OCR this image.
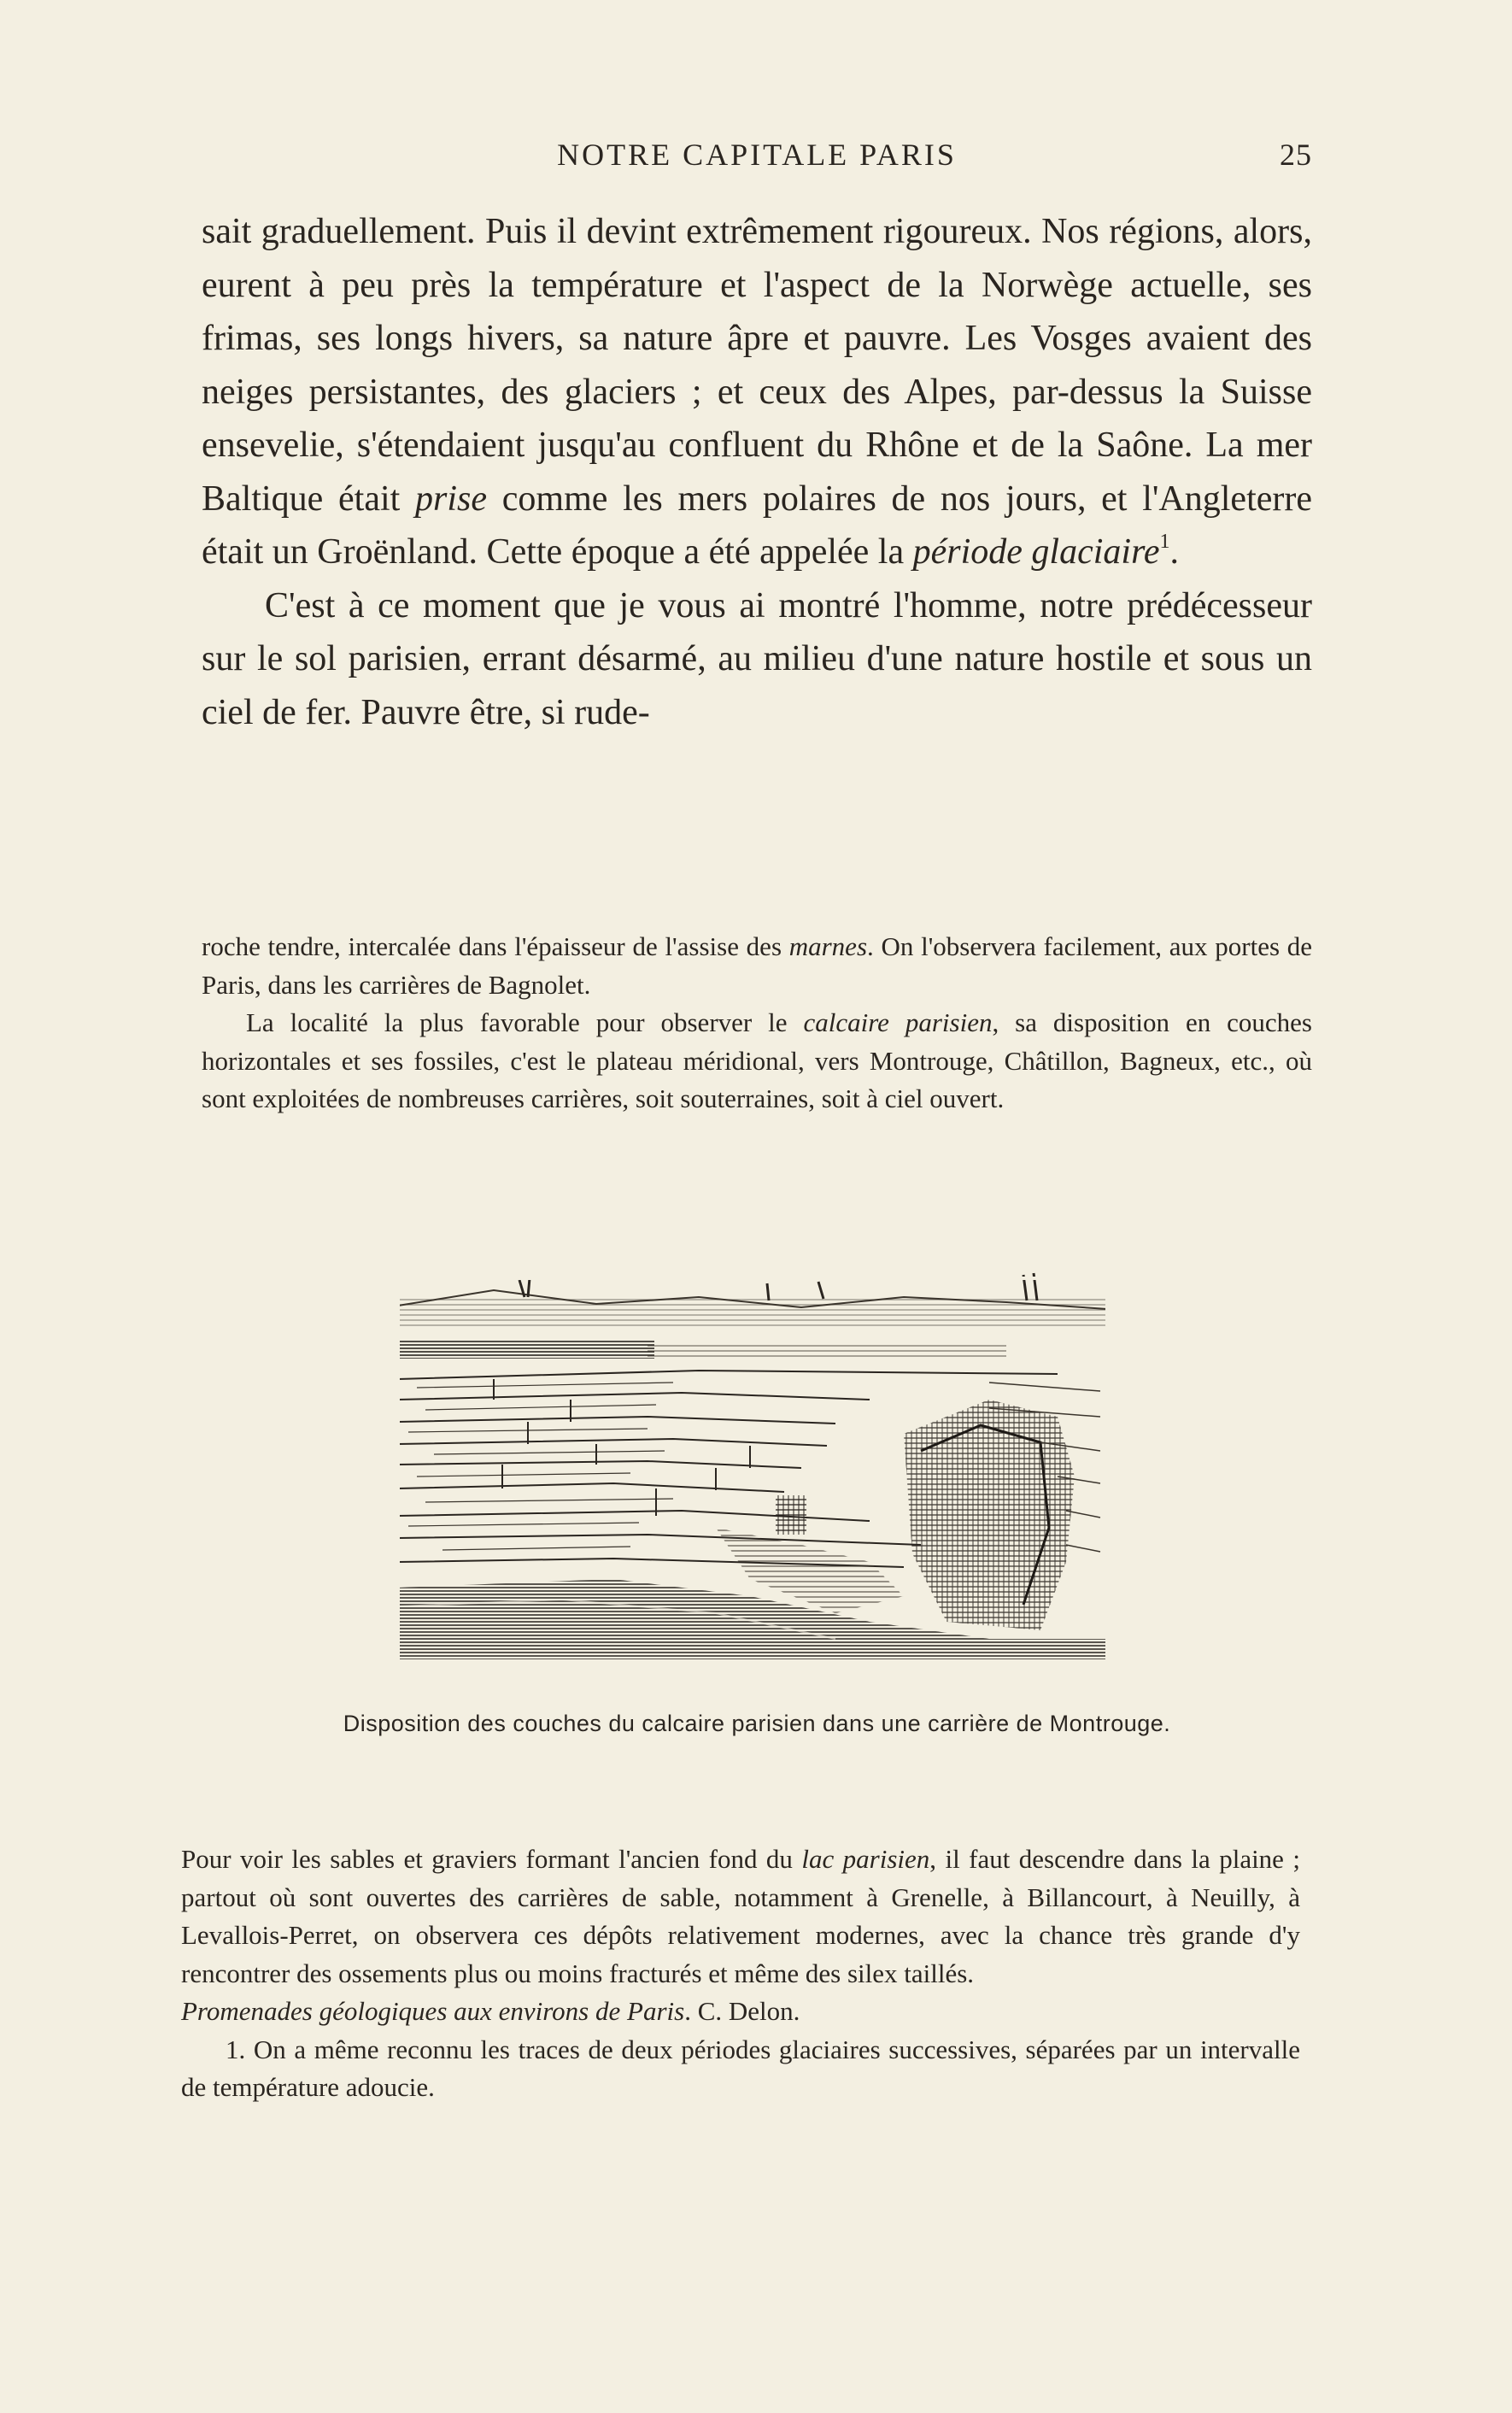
NOTRE CAPITALE PARIS	25

sait graduellement. Puis il devint extrêmement rigoureux. Nos régions, alors, eurent à peu près la température et l'aspect de la Norwège actuelle, ses frimas, ses longs hivers, sa nature âpre et pauvre. Les Vosges avaient des neiges persistantes, des glaciers ; et ceux des Alpes, par-dessus la Suisse ensevelie, s'étendaient jusqu'au confluent du Rhône et de la Saône. La mer Baltique était prise comme les mers polaires de nos jours, et l'Angleterre était un Groënland. Cette époque a été appelée la période glaciaire$^1$.

C'est à ce moment que je vous ai montré l'homme, notre prédécesseur sur le sol parisien, errant désarmé, au milieu d'une nature hostile et sous un ciel de fer. Pauvre être, si rude-

roche tendre, intercalée dans l'épaisseur de l'assise des marnes. On l'observera facilement, aux portes de Paris, dans les carrières de Bagnolet.

La localité la plus favorable pour observer le calcaire parisien, sa disposition en couches horizontales et ses fossiles, c'est le plateau méridional, vers Montrouge, Châtillon, Bagneux, etc., où sont exploitées de nombreuses carrières, soit souterraines, soit à ciel ouvert.

Disposition des couches du calcaire parisien dans une carrière de Montrouge.

Pour voir les sables et graviers formant l'ancien fond du lac parisien, il faut descendre dans la plaine ; partout où sont ouvertes des carrières de sable, notamment à Grenelle, à Billancourt, à Neuilly, à Levallois-Perret, on observera ces dépôts relativement modernes, avec la chance très grande d'y rencontrer des ossements plus ou moins fracturés et même des silex taillés.

Promenades géologiques aux environs de Paris. C. Delon.

1. On a même reconnu les traces de deux périodes glaciaires successives, séparées par un intervalle de température adoucie.
